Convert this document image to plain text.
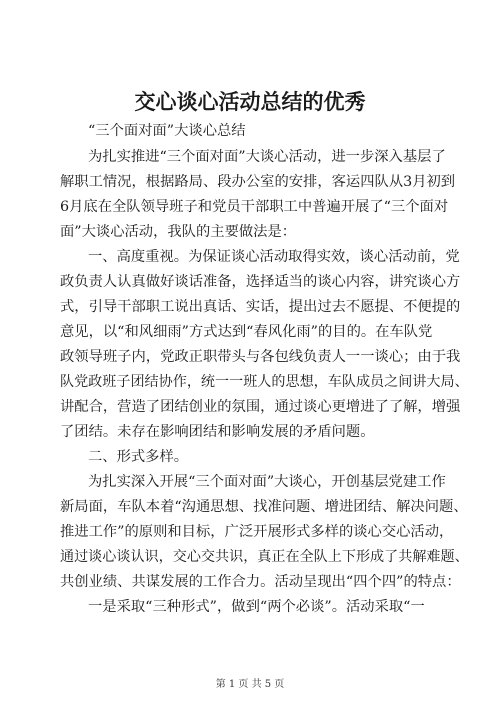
交心谈心活动总结的优秀
“三个面对面”大谈心总结
为扎实推进“三个面对面”大谈心活动，进一步深入基层了
解职工情况，根据路局、段办公室的安排，客运四队从3月初到
6月底在全队领导班子和党员干部职工中普遍开展了“三个面对
面”大谈心活动，我队的主要做法是：
一、高度重视。为保证谈心活动取得实效，谈心活动前，党
政负责人认真做好谈话准备，选择适当的谈心内容，讲究谈心方
式，引导干部职工说出真话、实话，提出过去不愿提、不便提的
意见，以“和风细雨”方式达到“春风化雨”的目的。在车队党
政领导班子内，党政正职带头与各包线负责人一一谈心；由于我
队党政班子团结协作，统一一班人的思想，车队成员之间讲大局、
讲配合，营造了团结创业的氛围，通过谈心更增进了了解，增强
了团结。未存在影响团结和影响发展的矛盾问题。
二、形式多样。
为扎实深入开展“三个面对面”大谈心，开创基层党建工作
新局面，车队本着“沟通思想、找准问题、增进团结、解决问题、
推进工作”的原则和目标，广泛开展形式多样的谈心交心活动，
通过谈心谈认识，交心交共识，真正在全队上下形成了共解难题、
共创业绩、共谋发展的工作合力。活动呈现出“四个四”的特点：
一是采取“三种形式”，做到“两个必谈”。活动采取“一
第 1 页 共 5 页
